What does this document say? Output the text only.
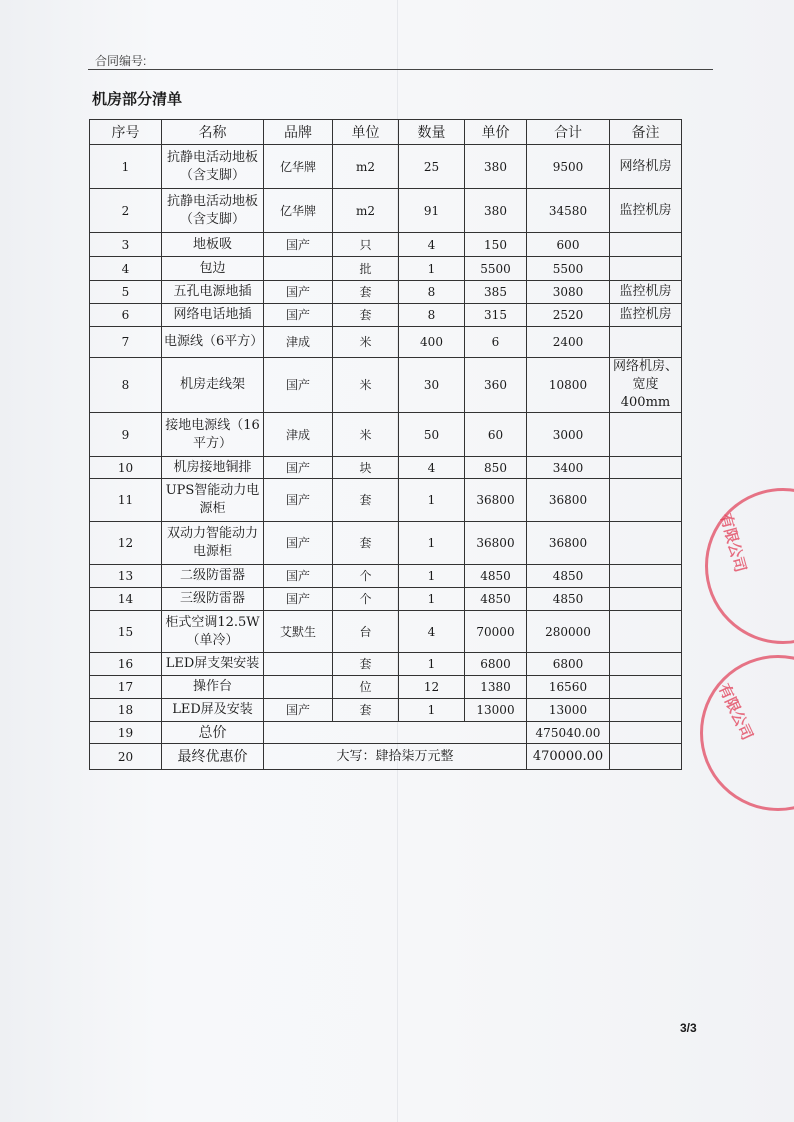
合同编号:
机房部分清单
序号	名称	品牌	单位	数量	单价	合计	备注
1	抗静电活动地板（含支脚）	亿华牌	m2	25	380	9500	网络机房
2	抗静电活动地板（含支脚）	亿华牌	m2	91	380	34580	监控机房
3	地板吸	国产	只	4	150	600	
4	包边		批	1	5500	5500	
5	五孔电源地插	国产	套	8	385	3080	监控机房
6	网络电话地插	国产	套	8	315	2520	监控机房
7	电源线（6平方）	津成	米	400	6	2400	
8	机房走线架	国产	米	30	360	10800	网络机房、宽度400mm
9	接地电源线（16平方）	津成	米	50	60	3000	
10	机房接地铜排	国产	块	4	850	3400	
11	UPS智能动力电源柜	国产	套	1	36800	36800	
12	双动力智能动力电源柜	国产	套	1	36800	36800	
13	二级防雷器	国产	个	1	4850	4850	
14	三级防雷器	国产	个	1	4850	4850	
15	柜式空调12.5W（单冷）	艾默生	台	4	70000	280000	
16	LED屏支架安装		套	1	6800	6800	
17	操作台		位	12	1380	16560	
18	LED屏及安装	国产	套	1	13000	13000	
19	总价					475040.00	
20	最终优惠价	大写：肆拾柒万元整				470000.00	
有限公司
有限公司
3/3
